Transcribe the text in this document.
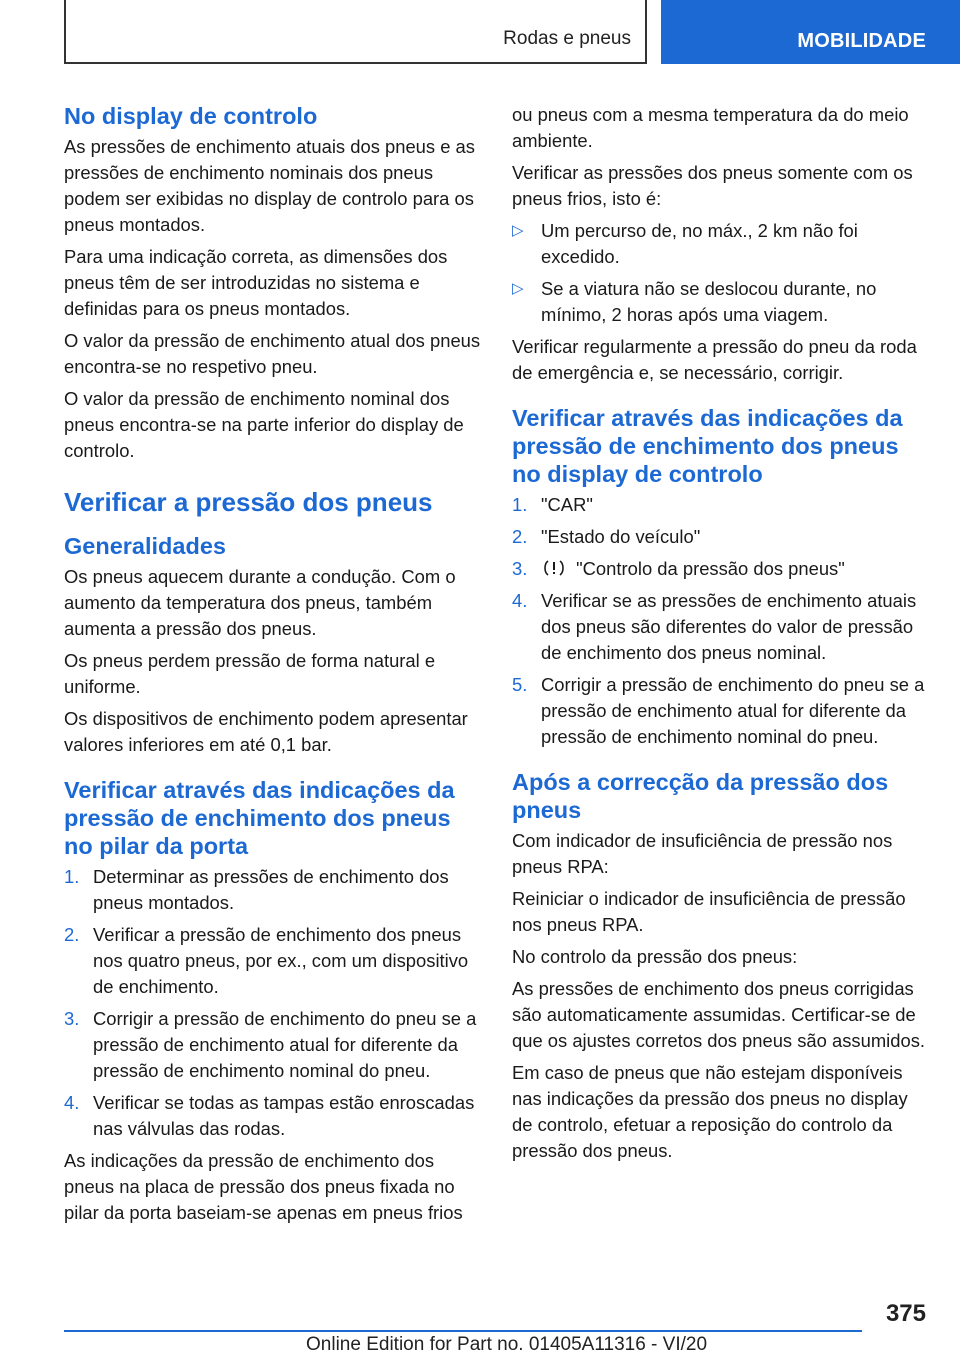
Rodas e pneus	MOBILIDADE
No display de controlo

As pressões de enchimento atuais dos pneus e as pressões de enchimento nominais dos pneus podem ser exibidas no display de controlo para os pneus montados.

Para uma indicação correta, as dimensões dos pneus têm de ser introduzidas no sistema e definidas para os pneus montados.

O valor da pressão de enchimento atual dos pneus encontra-se no respetivo pneu.

O valor da pressão de enchimento nominal dos pneus encontra-se na parte inferior do display de controlo.

Verificar a pressão dos pneus
Generalidades

Os pneus aquecem durante a condução. Com o aumento da temperatura dos pneus, também aumenta a pressão dos pneus.

Os pneus perdem pressão de forma natural e uniforme.

Os dispositivos de enchimento podem apresentar valores inferiores em até 0,1 bar.

Verificar através das indicações da pressão de enchimento dos pneus no pilar da porta
1. Determinar as pressões de enchimento dos pneus montados.
2. Verificar a pressão de enchimento dos pneus nos quatro pneus, por ex., com um dispositivo de enchimento.
3. Corrigir a pressão de enchimento do pneu se a pressão de enchimento atual for diferente da pressão de enchimento nominal do pneu.
4. Verificar se todas as tampas estão enroscadas nas válvulas das rodas.

As indicações da pressão de enchimento dos pneus na placa de pressão dos pneus fixada no pilar da porta baseiam-se apenas em pneus frios

ou pneus com a mesma temperatura da do meio ambiente.

Verificar as pressões dos pneus somente com os pneus frios, isto é:

▷ Um percurso de, no máx., 2 km não foi excedido.
▷ Se a viatura não se deslocou durante, no mínimo, 2 horas após uma viagem.

Verificar regularmente a pressão do pneu da roda de emergência e, se necessário, corrigir.

Verificar através das indicações da pressão de enchimento dos pneus no display de controlo
1. "CAR"
2. "Estado do veículo"
3.	"Controlo da pressão dos pneus"
4. Verificar se as pressões de enchimento atuais dos pneus são diferentes do valor de pressão de enchimento dos pneus nominal.
5. Corrigir a pressão de enchimento do pneu se a pressão de enchimento atual for diferente da pressão de enchimento nominal do pneu.
Após a correcção da pressão dos pneus

Com indicador de insuficiência de pressão nos pneus RPA:

Reiniciar o indicador de insuficiência de pressão nos pneus RPA.

No controlo da pressão dos pneus:

As pressões de enchimento dos pneus corrigidas são automaticamente assumidas. Certificar-se de que os ajustes corretos dos pneus são assumidos.

Em caso de pneus que não estejam disponíveis nas indicações da pressão dos pneus no display de controlo, efetuar a reposição do controlo da pressão dos pneus.

375
Online Edition for Part no. 01405A11316 - VI/20
